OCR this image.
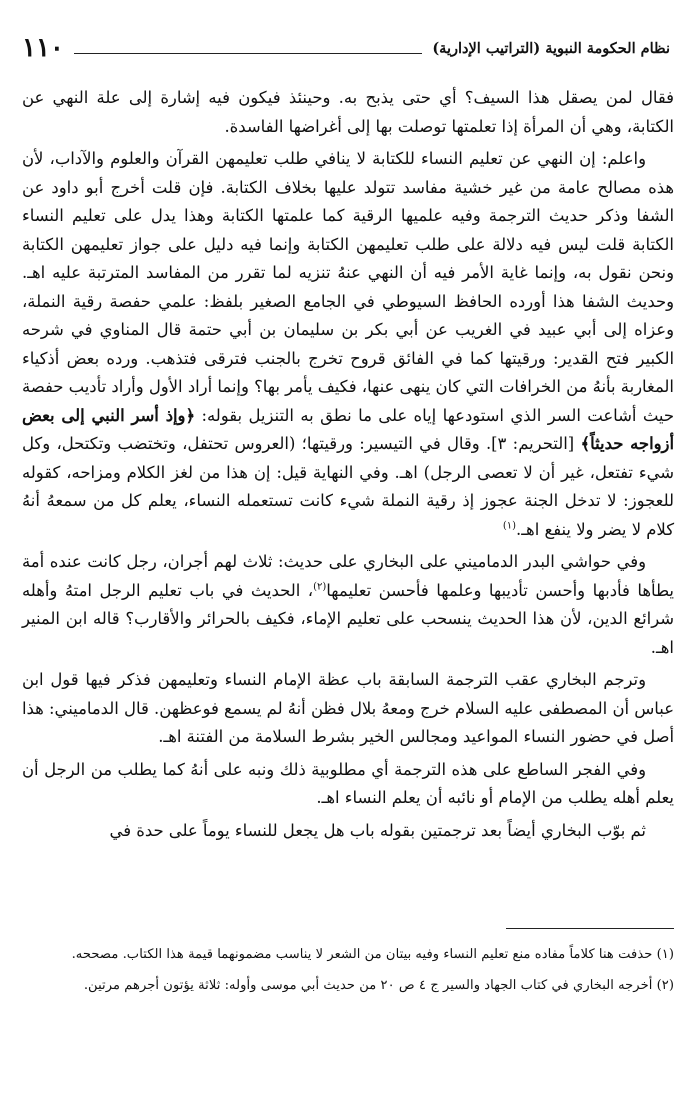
١١٠	نظام الحكومة النبوية (التراتيب الإدارية)

فقال لمن يصقل هذا السيف؟ أي حتى يذبح به. وحينئذ فيكون فيه إشارة إلى علة النهي عن الكتابة، وهي أن المرأة إذا تعلمتها توصلت بها إلى أغراضها الفاسدة.

واعلم: إن النهي عن تعليم النساء للكتابة لا ينافي طلب تعليمهن القرآن والعلوم والآداب، لأن هذه مصالح عامة من غير خشية مفاسد تتولد عليها بخلاف الكتابة. فإن قلت أخرج أبو داود عن الشفا وذكر حديث الترجمة وفيه علميها الرقية كما علمتها الكتابة وهذا يدل على تعليم النساء الكتابة قلت ليس فيه دلالة على طلب تعليمهن الكتابة وإنما فيه دليل على جواز تعليمهن الكتابة ونحن نقول به، وإنما غاية الأمر فيه أن النهي عنهُ تنزيه لما تقرر من المفاسد المترتبة عليه اهـ. وحديث الشفا هذا أورده الحافظ السيوطي في الجامع الصغير بلفظ: علمي حفصة رقية النملة، وعزاه إلى أبي عبيد في الغريب عن أبي بكر بن سليمان بن أبي حتمة قال المناوي في شرحه الكبير فتح القدير: ورقيتها كما في الفائق قروح تخرج بالجنب فترقى فتذهب. ورده بعض أذكياء المغاربة بأنهُ من الخرافات التي كان ينهى عنها، فكيف يأمر بها؟ وإنما أراد الأول وأراد تأديب حفصة حيث أشاعت السر الذي استودعها إياه على ما نطق به التنزيل بقوله: ﴿وإذ أسر النبي إلى بعض أزواجه حديثاً﴾ [التحريم: ٣]. وقال في التيسير: ورقيتها؛ (العروس تحتفل، وتختضب وتكتحل، وكل شيء تفتعل، غير أن لا تعصى الرجل) اهـ. وفي النهاية قيل: إن هذا من لغز الكلام ومزاحه، كقوله للعجوز: لا تدخل الجنة عجوز إذ رقية النملة شيء كانت تستعمله النساء، يعلم كل من سمعهُ أنهُ كلام لا يضر ولا ينفع اهـ.$^{(١)}$

وفي حواشي البدر الدماميني على البخاري على حديث: ثلاث لهم أجران، رجل كانت عنده أمة يطأها فأدبها وأحسن تأديبها وعلمها فأحسن تعليمها$^{(٢)}$، الحديث في باب تعليم الرجل امتهُ وأهله شرائع الدين، لأن هذا الحديث ينسحب على تعليم الإماء، فكيف بالحرائر والأقارب؟ قاله ابن المنير اهـ.

وترجم البخاري عقب الترجمة السابقة باب عظة الإمام النساء وتعليمهن فذكر فيها قول ابن عباس أن المصطفى عليه السلام خرج ومعهُ بلال فظن أنهُ لم يسمع فوعظهن. قال الدماميني: هذا أصل في حضور النساء المواعيد ومجالس الخير بشرط السلامة من الفتنة اهـ.

وفي الفجر الساطع على هذه الترجمة أي مطلوبية ذلك ونبه على أنهُ كما يطلب من الرجل أن يعلم أهله يطلب من الإمام أو نائبه أن يعلم النساء اهـ.

ثم بوّب البخاري أيضاً بعد ترجمتين بقوله باب هل يجعل للنساء يوماً على حدة في

(١) حذفت هنا كلاماً مفاده منع تعليم النساء وفيه بيتان من الشعر لا يناسب مضمونهما قيمة هذا الكتاب. مصححه.

(٢) أخرجه البخاري في كتاب الجهاد والسير ج ٤ ص ٢٠ من حديث أبي موسى وأوله: ثلاثة يؤتون أجرهم مرتين.
